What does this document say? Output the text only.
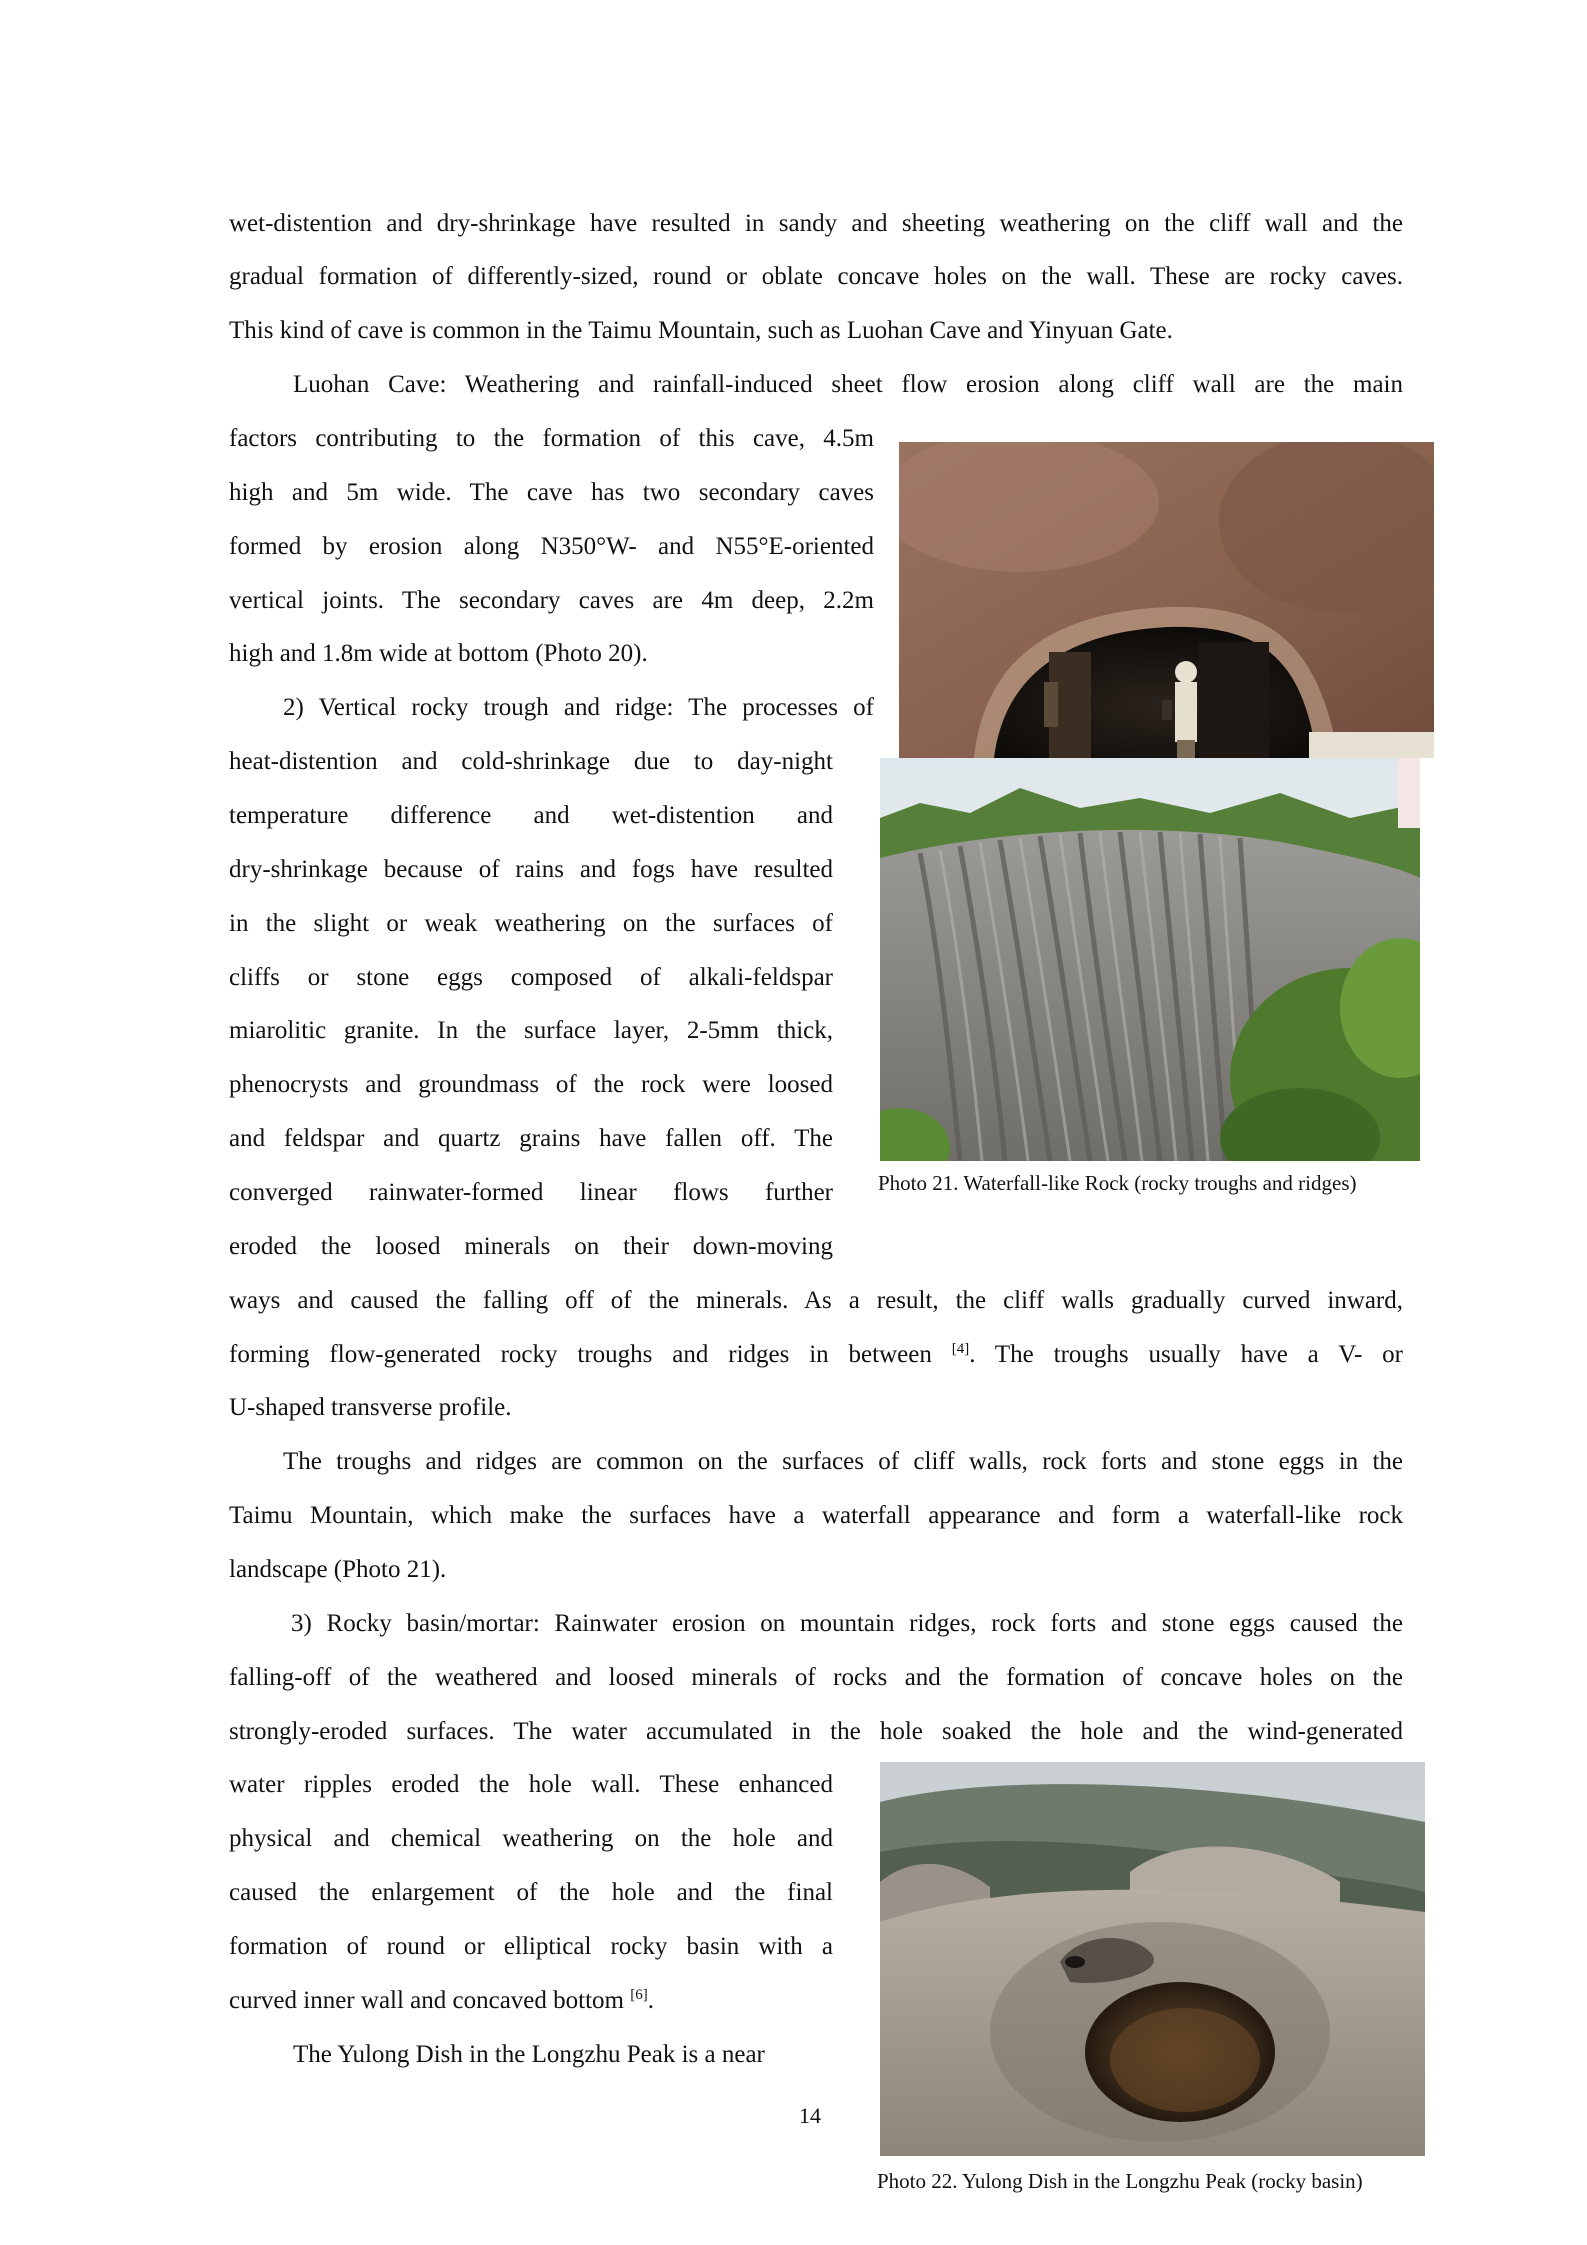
wet-distention and dry-shrinkage have resulted in sandy and sheeting weathering on the cliff wall and the
gradual formation of differently-sized, round or oblate concave holes on the wall. These are rocky caves.
This kind of cave is common in the Taimu Mountain, such as Luohan Cave and Yinyuan Gate.
Luohan Cave: Weathering and rainfall-induced sheet flow erosion along cliff wall are the main
factors contributing to the formation of this cave, 4.5m
high and 5m wide. The cave has two secondary caves
formed by erosion along N350°W- and N55°E-oriented
vertical joints. The secondary caves are 4m deep, 2.2m
high and 1.8m wide at bottom (Photo 20).
2) Vertical rocky trough and ridge: The processes of
heat-distention and cold-shrinkage due to day-night
temperature difference and wet-distention and
dry-shrinkage because of rains and fogs have resulted
in the slight or weak weathering on the surfaces of
cliffs or stone eggs composed of alkali-feldspar
miarolitic granite. In the surface layer, 2-5mm thick,
phenocrysts and groundmass of the rock were loosed
and feldspar and quartz grains have fallen off. The
converged rainwater-formed linear flows further
eroded the loosed minerals on their down-moving
ways and caused the falling off of the minerals. As a result, the cliff walls gradually curved inward,
forming flow-generated rocky troughs and ridges in between [4]. The troughs usually have a V- or
U-shaped transverse profile.
The troughs and ridges are common on the surfaces of cliff walls, rock forts and stone eggs in the
Taimu Mountain, which make the surfaces have a waterfall appearance and form a waterfall-like rock
landscape (Photo 21).
3) Rocky basin/mortar: Rainwater erosion on mountain ridges, rock forts and stone eggs caused the
falling-off of the weathered and loosed minerals of rocks and the formation of concave holes on the
strongly-eroded surfaces. The water accumulated in the hole soaked the hole and the wind-generated
water ripples eroded the hole wall. These enhanced
physical and chemical weathering on the hole and
caused the enlargement of the hole and the final
formation of round or elliptical rocky basin with a
curved inner wall and concaved bottom [6].
The Yulong Dish in the Longzhu Peak is a near
Photo 21. Waterfall-like Rock (rocky troughs and ridges)
Photo 22. Yulong Dish in the Longzhu Peak (rocky basin)
14
